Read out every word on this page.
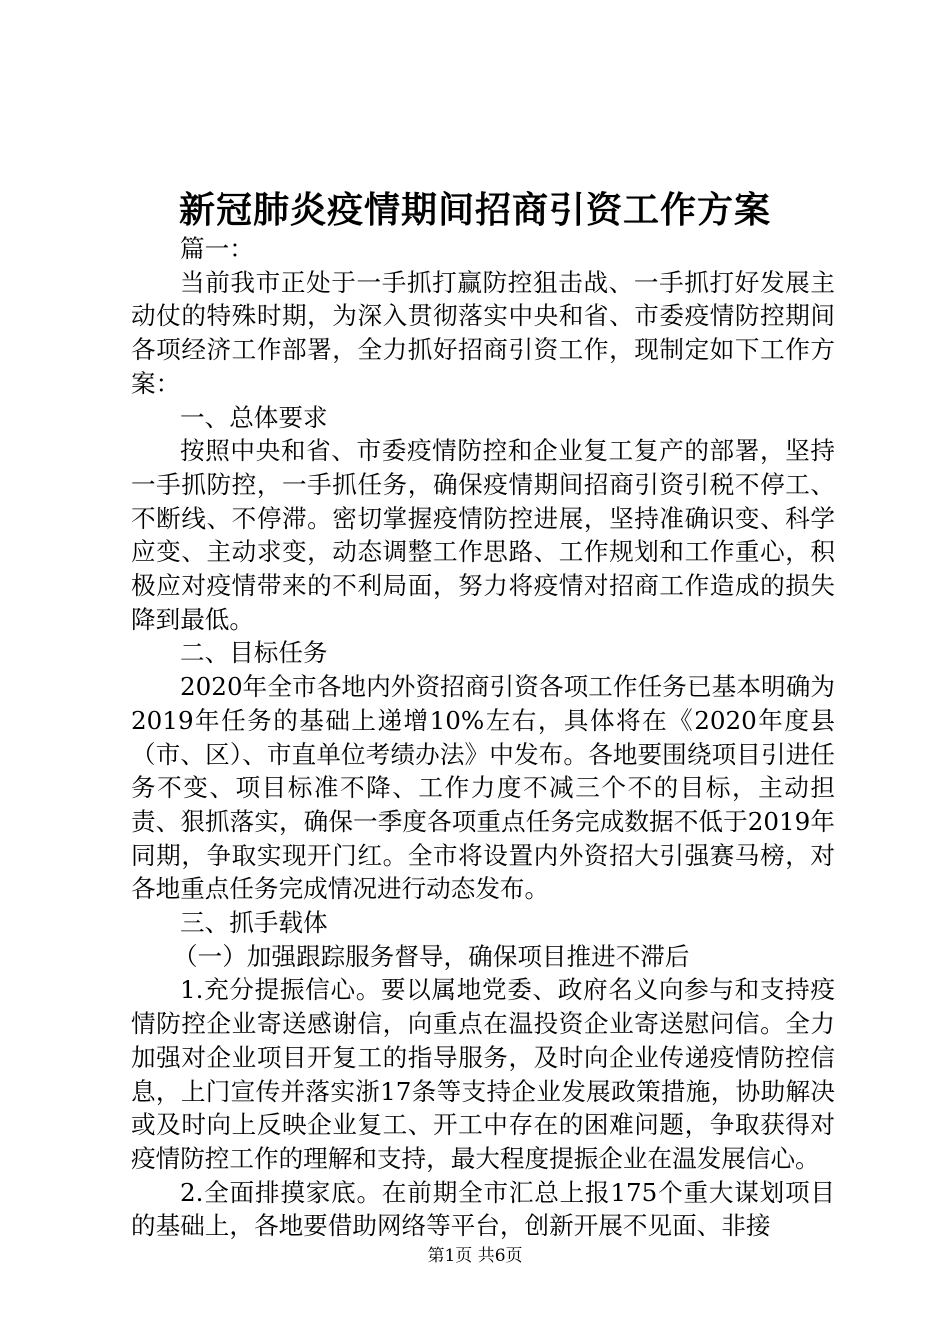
新冠肺炎疫情期间招商引资工作方案

篇一：

当前我市正处于一手抓打赢防控狙击战、一手抓打好发展主动仗的特殊时期，为深入贯彻落实中央和省、市委疫情防控期间各项经济工作部署，全力抓好招商引资工作，现制定如下工作方案：

一、总体要求

按照中央和省、市委疫情防控和企业复工复产的部署，坚持一手抓防控，一手抓任务，确保疫情期间招商引资引税不停工、不断线、不停滞。密切掌握疫情防控进展，坚持准确识变、科学应变、主动求变，动态调整工作思路、工作规划和工作重心，积极应对疫情带来的不利局面，努力将疫情对招商工作造成的损失降到最低。

二、目标任务

2020年全市各地内外资招商引资各项工作任务已基本明确为2019年任务的基础上递增10%左右，具体将在《2020年度县（市、区）、市直单位考绩办法》中发布。各地要围绕项目引进任务不变、项目标准不降、工作力度不减三个不的目标，主动担责、狠抓落实，确保一季度各项重点任务完成数据不低于2019年同期，争取实现开门红。全市将设置内外资招大引强赛马榜，对各地重点任务完成情况进行动态发布。

三、抓手载体

（一）加强跟踪服务督导，确保项目推进不滞后

1.充分提振信心。要以属地党委、政府名义向参与和支持疫情防控企业寄送感谢信，向重点在温投资企业寄送慰问信。全力加强对企业项目开复工的指导服务，及时向企业传递疫情防控信息，上门宣传并落实浙17条等支持企业发展政策措施，协助解决或及时向上反映企业复工、开工中存在的困难问题，争取获得对疫情防控工作的理解和支持，最大程度提振企业在温发展信心。

2.全面排摸家底。在前期全市汇总上报175个重大谋划项目的基础上，各地要借助网络等平台，创新开展不见面、非接

第1页 共6页
